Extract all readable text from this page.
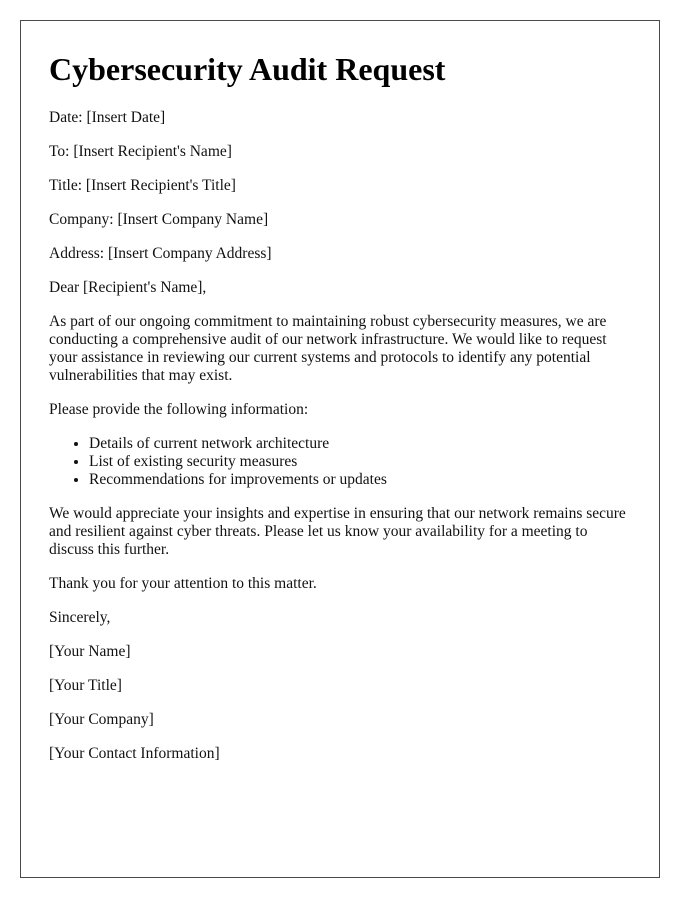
Cybersecurity Audit Request

Date: [Insert Date]

To: [Insert Recipient's Name]

Title: [Insert Recipient's Title]

Company: [Insert Company Name]

Address: [Insert Company Address]

Dear [Recipient's Name],

As part of our ongoing commitment to maintaining robust cybersecurity measures, we are conducting a comprehensive audit of our network infrastructure. We would like to request your assistance in reviewing our current systems and protocols to identify any potential vulnerabilities that may exist.

Please provide the following information:

• Details of current network architecture
• List of existing security measures
• Recommendations for improvements or updates

We would appreciate your insights and expertise in ensuring that our network remains secure and resilient against cyber threats. Please let us know your availability for a meeting to discuss this further.

Thank you for your attention to this matter.

Sincerely,

[Your Name]

[Your Title]

[Your Company]

[Your Contact Information]
